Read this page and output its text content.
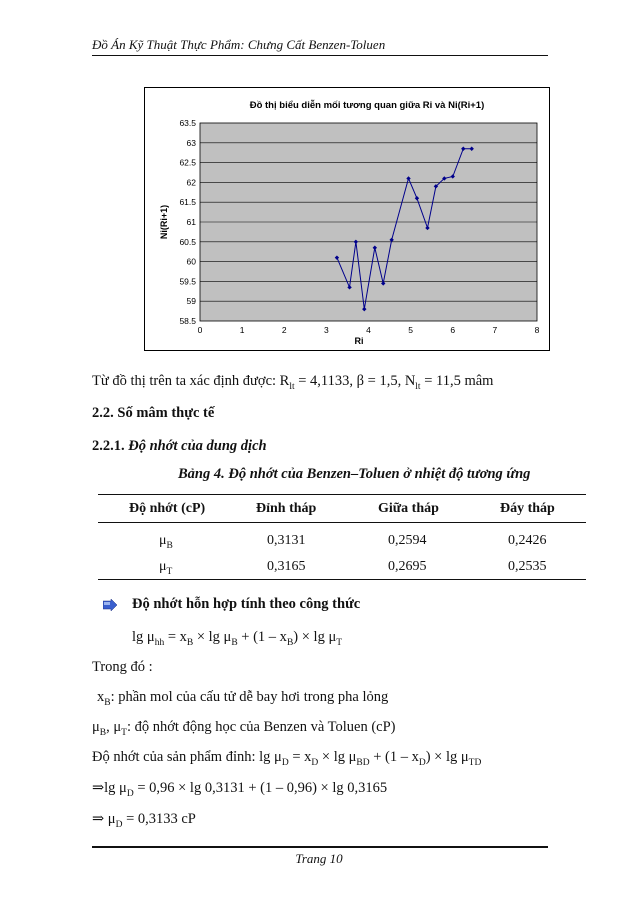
Đồ Án Kỹ Thuật Thực Phẩm: Chưng Cất Benzen-Toluen
Đồ thị biểu diễn mối tương quan giữa Ri và Ni(Ri+1)
58.5
59
59.5
60
60.5
61
61.5
62
62.5
63
63.5
0	1	2	3	4	5	6	7	8
Ri
Ni(Ri+1)
Từ đồ thị trên ta xác định được: $R_{lt} = 4,1133$, β = 1,5, $N_{lt} = 11,5$ mâm
2.2. Số mâm thực tế
2.2.1. Độ nhớt của dung dịch
Bảng 4. Độ nhớt của Benzen–Toluen ở nhiệt độ tương ứng
Độ nhớt (cP)	Đỉnh tháp	Giữa tháp	Đáy tháp
$\mu_B$	0,3131	0,2594	0,2426
$\mu_T$	0,3165	0,2695	0,2535
Độ nhớt hỗn hợp tính theo công thức
$\lg \mu_{hh} = x_B \times \lg \mu_B + (1 - x_B) \times \lg \mu_T$
Trong đó :
$x_B$: phần mol của cấu tử dễ bay hơi trong pha lỏng
$\mu_B$, $\mu_T$: độ nhớt động học của Benzen và Toluen (cP)
Độ nhớt của sản phẩm đỉnh: $\lg \mu_D = x_D \times \lg \mu_{BD} + (1 - x_D) \times \lg \mu_{TD}$
⇒lg $\mu_D = 0,96 \times \lg 0,3131 + (1 - 0,96) \times \lg 0,3165$
⇒ $\mu_D = 0,3133$ cP
Trang 10
